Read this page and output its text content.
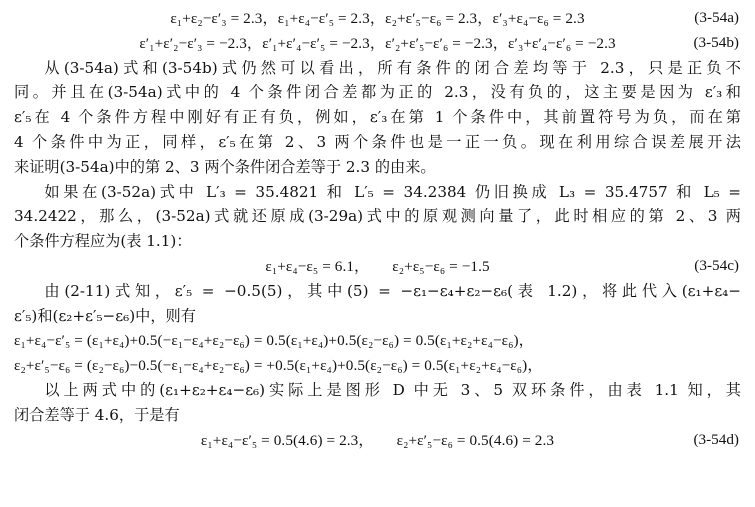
ε₁+ε₂−ε′₃ = 2.3，ε₁+ε₄−ε′₅ = 2.3，ε₂+ε′₅−ε₆ = 2.3，ε′₃+ε₄−ε₆ = 2.3	(3-54a)
ε′₁+ε′₂−ε′₃ = −2.3，ε′₁+ε′₄−ε′₅ = −2.3，ε′₂+ε′₅−ε′₆ = −2.3，ε′₃+ε′₄−ε′₆ = −2.3	(3-54b)
从(3-54a)式和(3-54b)式仍然可以看出，所有条件的闭合差均等于 2.3，只是正负不
同。并且在(3-54a)式中的 4 个条件闭合差都为正的 2.3，没有负的，这主要是因为 ε′₃和
ε′₅在 4 个条件方程中刚好有正有负，例如，ε′₃在第 1 个条件中，其前置符号为负，而在第
4 个条件中为正，同样，ε′₅在第 2、3 两个条件也是一正一负。现在利用综合误差展开法
来证明(3-54a)中的第 2、3 两个条件闭合差等于 2.3 的由来。
如果在(3-52a)式中 L′₃ = 35.4821 和 L′₅ = 34.2384 仍旧换成 L₃ = 35.4757 和 L₅ =
34.2422，那么，(3-52a)式就还原成(3-29a)式中的原观测向量了，此时相应的第 2、3 两
个条件方程应为(表 1.1)：
ε₁+ε₄−ε₅ = 6.1，　　ε₂+ε₅−ε₆ = −1.5	(3-54c)
由(2-11)式知，ε′₅ = −0.5(5)，其中(5) = −ε₁−ε₄+ε₂−ε₆(表 1.2)，将此代入(ε₁+ε₄−
ε′₅)和(ε₂+ε′₅−ε₆)中，则有
ε₁+ε₄−ε′₅ = (ε₁+ε₄)+0.5(−ε₁−ε₄+ε₂−ε₆) = 0.5(ε₁+ε₄)+0.5(ε₂−ε₆) = 0.5(ε₁+ε₂+ε₄−ε₆)，
ε₂+ε′₅−ε₆ = (ε₂−ε₆)−0.5(−ε₁−ε₄+ε₂−ε₆) = +0.5(ε₁+ε₄)+0.5(ε₂−ε₆) = 0.5(ε₁+ε₂+ε₄−ε₆)，
以上两式中的(ε₁+ε₂+ε₄−ε₆)实际上是图形 D 中无 3、5 双环条件，由表 1.1 知，其
闭合差等于 4.6，于是有
ε₁+ε₄−ε′₅ = 0.5(4.6) = 2.3，　　ε₂+ε′₅−ε₆ = 0.5(4.6) = 2.3	(3-54d)
